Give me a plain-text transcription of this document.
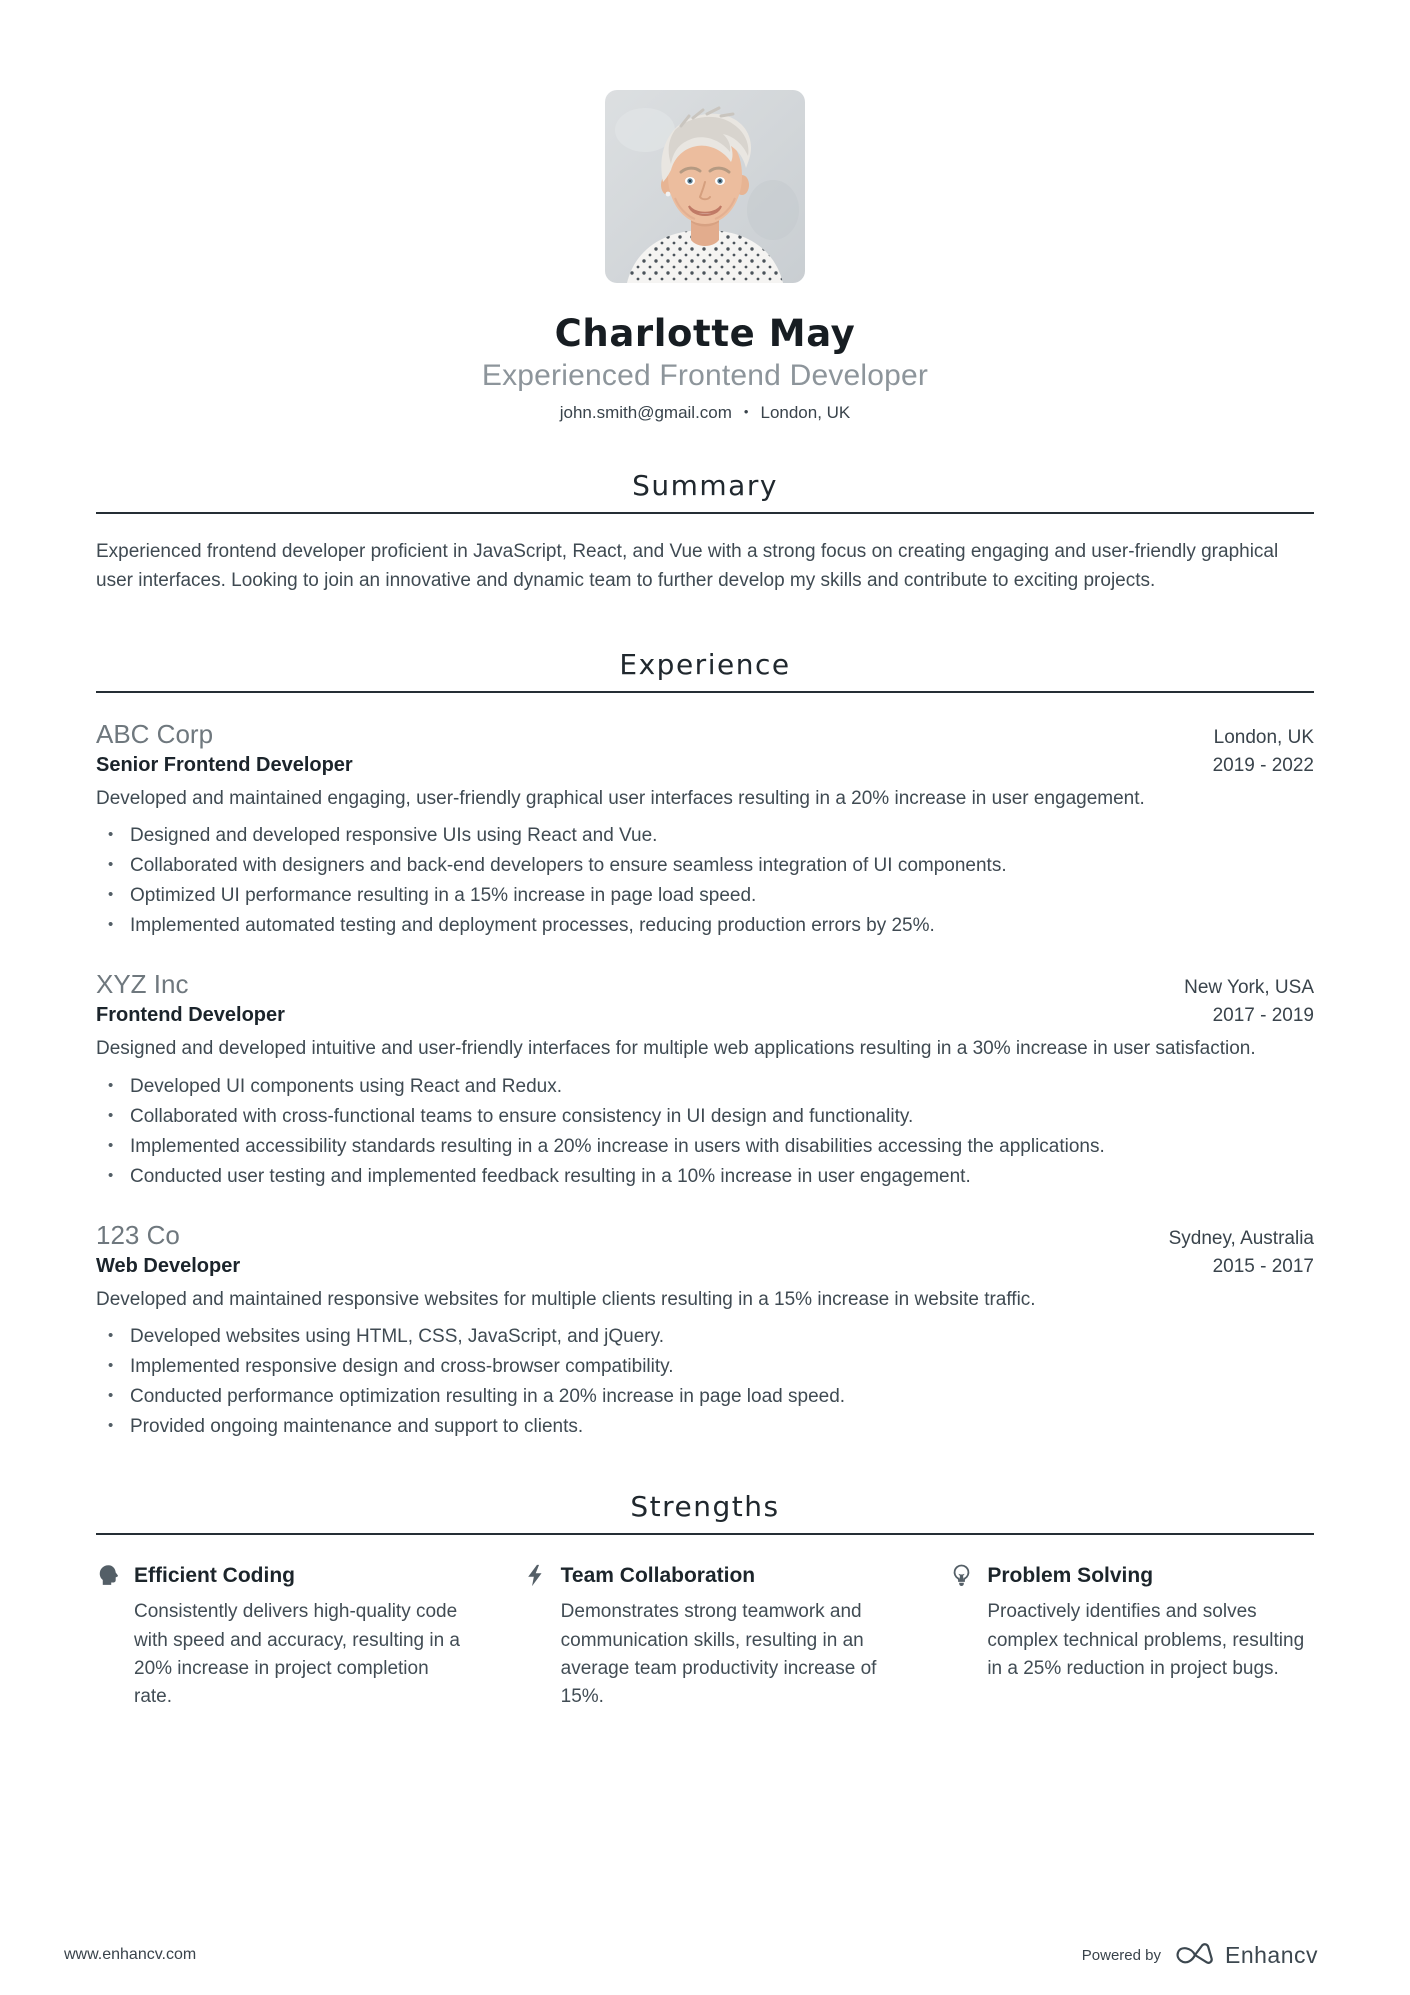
Charlotte May
Experienced Frontend Developer
john.smith@gmail.com • London, UK
Summary

Experienced frontend developer proficient in JavaScript, React, and Vue with a strong focus on creating engaging and user-friendly graphical user interfaces. Looking to join an innovative and dynamic team to further develop my skills and contribute to exciting projects.

Experience
ABC Corp	London, UK
Senior Frontend Developer	2019 - 2022

Developed and maintained engaging, user-friendly graphical user interfaces resulting in a 20% increase in user engagement.

• Designed and developed responsive UIs using React and Vue.
• Collaborated with designers and back-end developers to ensure seamless integration of UI components.
• Optimized UI performance resulting in a 15% increase in page load speed.
• Implemented automated testing and deployment processes, reducing production errors by 25%.
XYZ Inc	New York, USA
Frontend Developer	2017 - 2019

Designed and developed intuitive and user-friendly interfaces for multiple web applications resulting in a 30% increase in user satisfaction.

• Developed UI components using React and Redux.
• Collaborated with cross-functional teams to ensure consistency in UI design and functionality.
• Implemented accessibility standards resulting in a 20% increase in users with disabilities accessing the applications.
• Conducted user testing and implemented feedback resulting in a 10% increase in user engagement.
123 Co	Sydney, Australia
Web Developer	2015 - 2017

Developed and maintained responsive websites for multiple clients resulting in a 15% increase in website traffic.

• Developed websites using HTML, CSS, JavaScript, and jQuery.
• Implemented responsive design and cross-browser compatibility.
• Conducted performance optimization resulting in a 20% increase in page load speed.
• Provided ongoing maintenance and support to clients.
Strengths
Efficient Coding

Consistently delivers high-quality code with speed and accuracy, resulting in a 20% increase in project completion rate.

Team Collaboration

Demonstrates strong teamwork and communication skills, resulting in an average team productivity increase of 15%.

Problem Solving

Proactively identifies and solves complex technical problems, resulting in a 25% reduction in project bugs.

www.enhancv.com	Powered by	Enhancv
